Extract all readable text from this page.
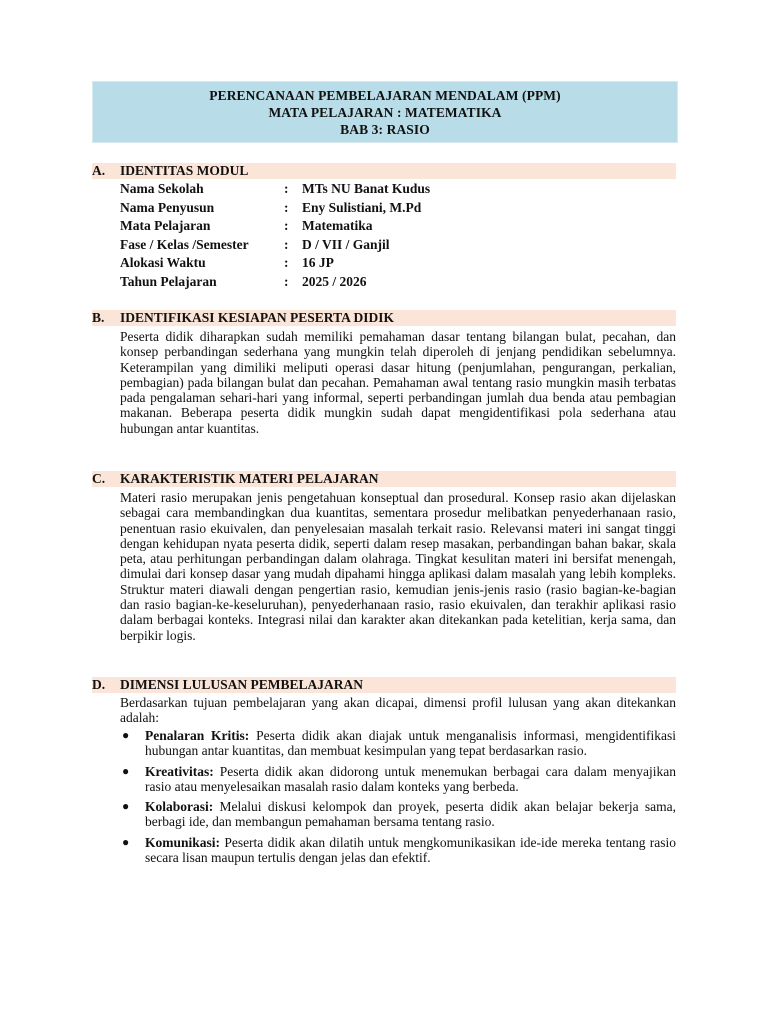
PERENCANAAN PEMBELAJARAN MENDALAM (PPM)
MATA PELAJARAN : MATEMATIKA
BAB 3: RASIO
A. IDENTITAS MODUL
Nama Sekolah	: MTs NU Banat Kudus
Nama Penyusun	: Eny Sulistiani, M.Pd
Mata Pelajaran	: Matematika
Fase / Kelas /Semester	: D / VII / Ganjil
Alokasi Waktu	: 16 JP
Tahun Pelajaran	: 2025 / 2026
B. IDENTIFIKASI KESIAPAN PESERTA DIDIK
Peserta didik diharapkan sudah memiliki pemahaman dasar tentang bilangan bulat, pecahan, dan konsep perbandingan sederhana yang mungkin telah diperoleh di jenjang pendidikan sebelumnya. Keterampilan yang dimiliki meliputi operasi dasar hitung (penjumlahan, pengurangan, perkalian, pembagian) pada bilangan bulat dan pecahan. Pemahaman awal tentang rasio mungkin masih terbatas pada pengalaman sehari-hari yang informal, seperti perbandingan jumlah dua benda atau pembagian makanan. Beberapa peserta didik mungkin sudah dapat mengidentifikasi pola sederhana atau hubungan antar kuantitas.
C. KARAKTERISTIK MATERI PELAJARAN
Materi rasio merupakan jenis pengetahuan konseptual dan prosedural. Konsep rasio akan dijelaskan sebagai cara membandingkan dua kuantitas, sementara prosedur melibatkan penyederhanaan rasio, penentuan rasio ekuivalen, dan penyelesaian masalah terkait rasio. Relevansi materi ini sangat tinggi dengan kehidupan nyata peserta didik, seperti dalam resep masakan, perbandingan bahan bakar, skala peta, atau perhitungan perbandingan dalam olahraga. Tingkat kesulitan materi ini bersifat menengah, dimulai dari konsep dasar yang mudah dipahami hingga aplikasi dalam masalah yang lebih kompleks. Struktur materi diawali dengan pengertian rasio, kemudian jenis-jenis rasio (rasio bagian-ke-bagian dan rasio bagian-ke-keseluruhan), penyederhanaan rasio, rasio ekuivalen, dan terakhir aplikasi rasio dalam berbagai konteks. Integrasi nilai dan karakter akan ditekankan pada ketelitian, kerja sama, dan berpikir logis.
D. DIMENSI LULUSAN PEMBELAJARAN
Berdasarkan tujuan pembelajaran yang akan dicapai, dimensi profil lulusan yang akan ditekankan adalah:
● Penalaran Kritis: Peserta didik akan diajak untuk menganalisis informasi, mengidentifikasi hubungan antar kuantitas, dan membuat kesimpulan yang tepat berdasarkan rasio.
● Kreativitas: Peserta didik akan didorong untuk menemukan berbagai cara dalam menyajikan rasio atau menyelesaikan masalah rasio dalam konteks yang berbeda.
● Kolaborasi: Melalui diskusi kelompok dan proyek, peserta didik akan belajar bekerja sama, berbagi ide, dan membangun pemahaman bersama tentang rasio.
● Komunikasi: Peserta didik akan dilatih untuk mengkomunikasikan ide-ide mereka tentang rasio secara lisan maupun tertulis dengan jelas dan efektif.
